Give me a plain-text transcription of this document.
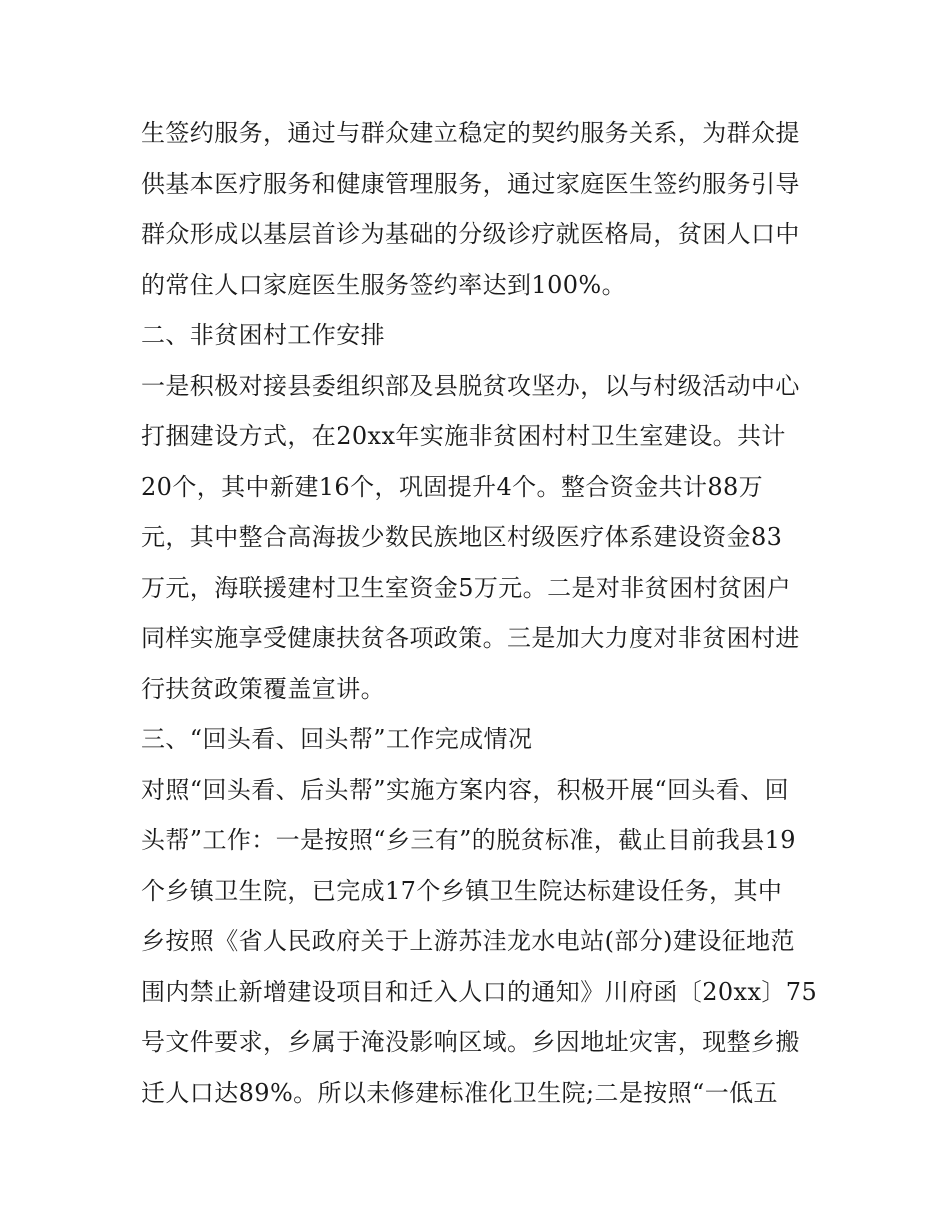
生签约服务，通过与群众建立稳定的契约服务关系，为群众提
供基本医疗服务和健康管理服务，通过家庭医生签约服务引导
群众形成以基层首诊为基础的分级诊疗就医格局，贫困人口中
的常住人口家庭医生服务签约率达到100%。
二、非贫困村工作安排
一是积极对接县委组织部及县脱贫攻坚办，以与村级活动中心
打捆建设方式，在20xx年实施非贫困村村卫生室建设。共计
20个，其中新建16个，巩固提升4个。整合资金共计88万
元，其中整合高海拔少数民族地区村级医疗体系建设资金83
万元，海联援建村卫生室资金5万元。二是对非贫困村贫困户
同样实施享受健康扶贫各项政策。三是加大力度对非贫困村进
行扶贫政策覆盖宣讲。
三、“回头看、回头帮”工作完成情况
对照“回头看、后头帮”实施方案内容，积极开展“回头看、回
头帮”工作：一是按照“乡三有”的脱贫标准，截止目前我县19
个乡镇卫生院，已完成17个乡镇卫生院达标建设任务，其中
乡按照《省人民政府关于上游苏洼龙水电站(部分)建设征地范
围内禁止新增建设项目和迁入人口的通知》川府函〔20xx〕75
号文件要求，乡属于淹没影响区域。乡因地址灾害，现整乡搬
迁人口达89%。所以未修建标准化卫生院;二是按照“一低五
